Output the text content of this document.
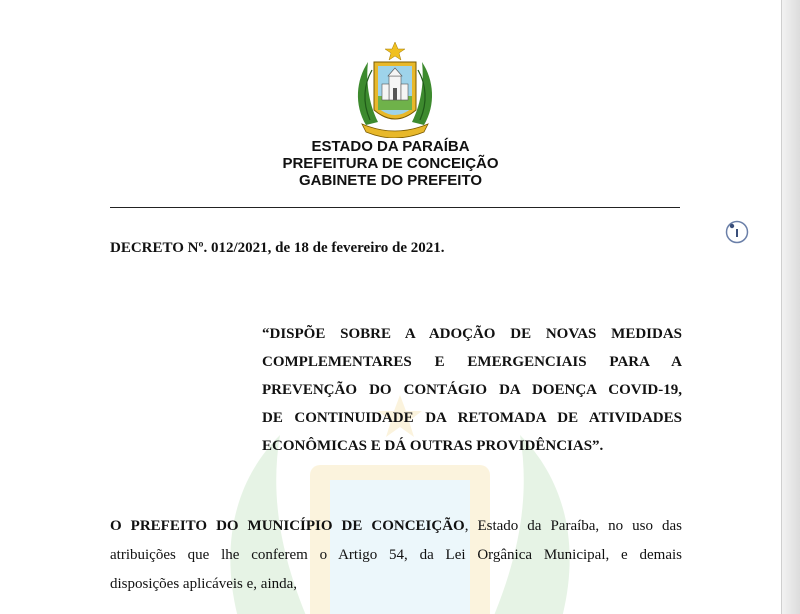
ESTADO DA PARAÍBA
PREFEITURA DE CONCEIÇÃO
GABINETE DO PREFEITO
DECRETO Nº. 012/2021, de 18 de fevereiro de 2021.
“DISPÕE SOBRE A ADOÇÃO DE NOVAS MEDIDAS
COMPLEMENTARES E EMERGENCIAIS PARA A
PREVENÇÃO DO CONTÁGIO DA DOENÇA COVID-19,
DE CONTINUIDADE DA RETOMADA DE ATIVIDADES
ECONÔMICAS E DÁ OUTRAS PROVIDÊNCIAS”.
O PREFEITO DO MUNICÍPIO DE CONCEIÇÃO, Estado da Paraíba, no uso das
atribuições que lhe conferem o Artigo 54, da Lei Orgânica Municipal, e demais
disposições aplicáveis e, ainda,
